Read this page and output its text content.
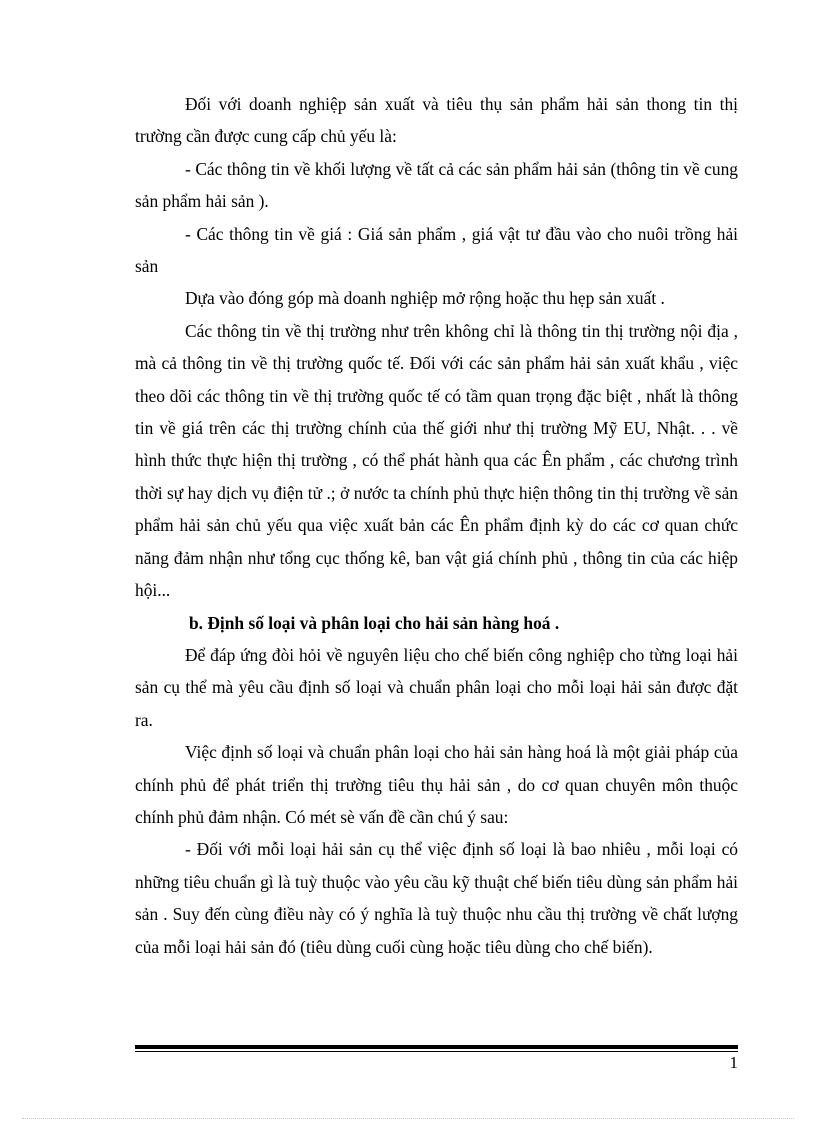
Đối với doanh nghiệp sản xuất và tiêu thụ sản phẩm hải sản thong tin thị trường cần được cung cấp chủ yếu là:

- Các thông tin về khối lượng về tất cả các sản phẩm hải sản (thông tin về cung sản phẩm hải sản ).

- Các thông tin về giá : Giá sản phẩm , giá vật tư đầu vào cho nuôi trồng hải sản

Dựa vào đóng góp mà doanh nghiệp mở rộng hoặc thu hẹp sản xuất .

Các thông tin về thị trường như trên không chỉ là thông tin thị trường nội địa , mà cả thông tin về thị trường quốc tế. Đối với các sản phẩm hải sản xuất khẩu , việc theo dõi các thông tin về thị trường quốc tế có tầm quan trọng đặc biệt , nhất là thông tin về giá trên các thị trường chính của thế giới như thị trường Mỹ EU, Nhật. . . về hình thức thực hiện thị trường , có thể phát hành qua các Ên phẩm , các chương trình thời sự hay dịch vụ điện tử .; ở nước ta chính phủ thực hiện thông tin thị trường về sản phẩm hải sản chủ yếu qua việc xuất bản các Ên phẩm định kỳ do các cơ quan chức năng đảm nhận như tổng cục thống kê, ban vật giá chính phủ , thông tin của các hiệp hội...

b. Định số loại và phân loại cho hải sản hàng hoá .

Để đáp ứng đòi hỏi về nguyên liệu cho chế biến công nghiệp cho từng loại hải sản cụ thể mà yêu cầu định số loại và chuẩn phân loại cho mỗi loại hải sản được đặt ra.

Việc định số loại và chuẩn phân loại cho hải sản hàng hoá là một giải pháp của chính phủ để phát triển thị trường tiêu thụ hải sản , do cơ quan chuyên môn thuộc chính phủ đảm nhận. Có mét sè vấn đề cần chú ý sau:

- Đối với mỗi loại hải sản cụ thể việc định số loại là bao nhiêu , mỗi loại có những tiêu chuẩn gì là tuỳ thuộc vào yêu cầu kỹ thuật chế biến tiêu dùng sản phẩm hải sản . Suy đến cùng điều này có ý nghĩa là tuỳ thuộc nhu cầu thị trường về chất lượng của mỗi loại hải sản đó (tiêu dùng cuối cùng hoặc tiêu dùng cho chế biến).

1
